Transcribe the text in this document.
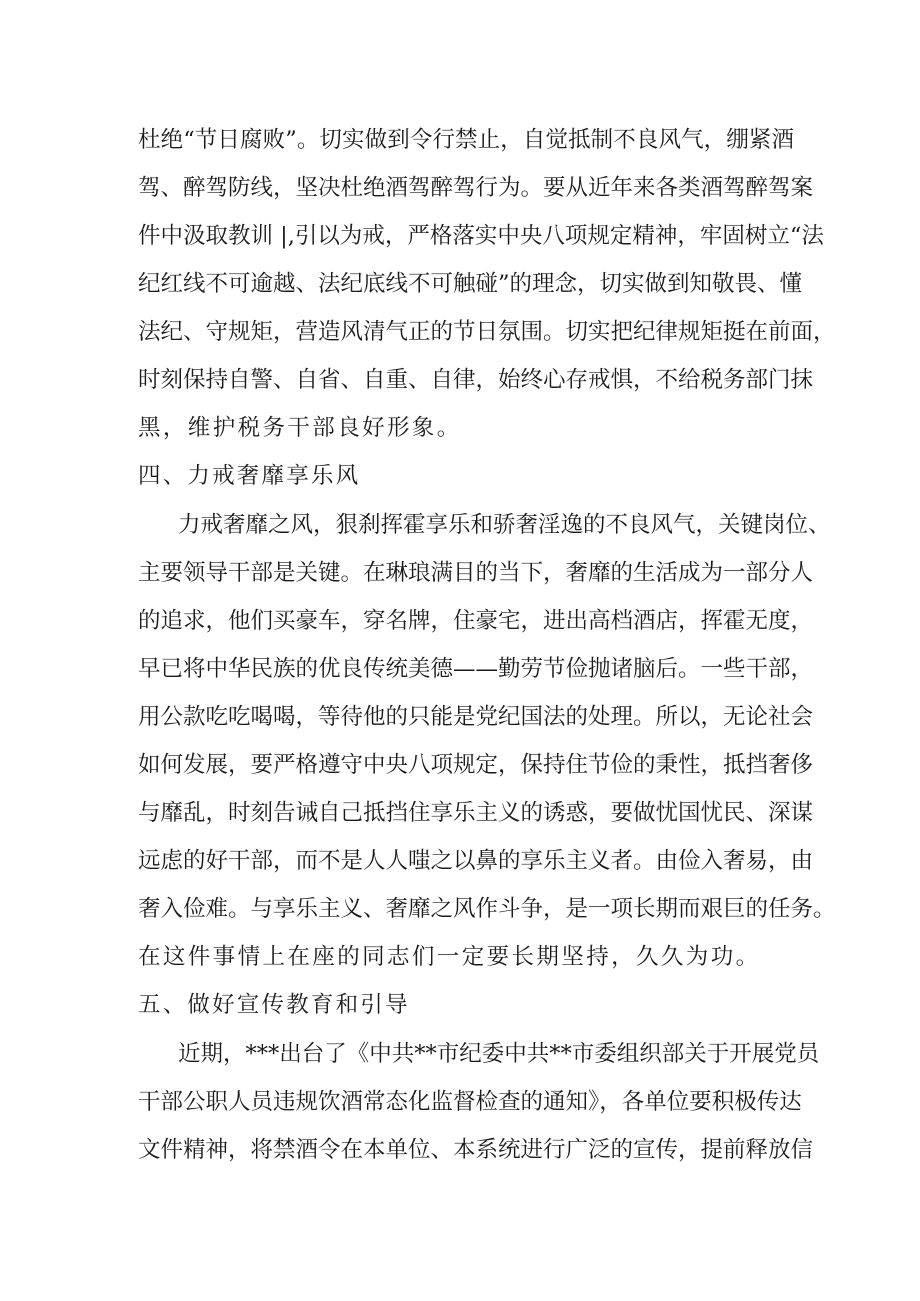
杜绝“节日腐败”。切实做到令行禁止，自觉抵制不良风气，绷紧酒
驾、醉驾防线，坚决杜绝酒驾醉驾行为。要从近年来各类酒驾醉驾案
件中汲取教训 |,引以为戒，严格落实中央八项规定精神，牢固树立“法
纪红线不可逾越、法纪底线不可触碰”的理念，切实做到知敬畏、懂
法纪、守规矩，营造风清气正的节日氛围。切实把纪律规矩挺在前面，
时刻保持自警、自省、自重、自律，始终心存戒惧，不给税务部门抹
黑，维护税务干部良好形象。
四、力戒奢靡享乐风
力戒奢靡之风，狠刹挥霍享乐和骄奢淫逸的不良风气，关键岗位、
主要领导干部是关键。在琳琅满目的当下，奢靡的生活成为一部分人
的追求，他们买豪车，穿名牌，住豪宅，进出高档酒店，挥霍无度，
早已将中华民族的优良传统美德——勤劳节俭抛诸脑后。一些干部，
用公款吃吃喝喝，等待他的只能是党纪国法的处理。所以，无论社会
如何发展，要严格遵守中央八项规定，保持住节俭的秉性，抵挡奢侈
与靡乱，时刻告诫自己抵挡住享乐主义的诱惑，要做忧国忧民、深谋
远虑的好干部，而不是人人嗤之以鼻的享乐主义者。由俭入奢易，由
奢入俭难。与享乐主义、奢靡之风作斗争，是一项长期而艰巨的任务。
在这件事情上在座的同志们一定要长期坚持，久久为功。
五、做好宣传教育和引导
近期，***出台了《中共**市纪委中共**市委组织部关于开展党员
干部公职人员违规饮酒常态化监督检查的通知》，各单位要积极传达
文件精神，将禁酒令在本单位、本系统进行广泛的宣传，提前释放信
